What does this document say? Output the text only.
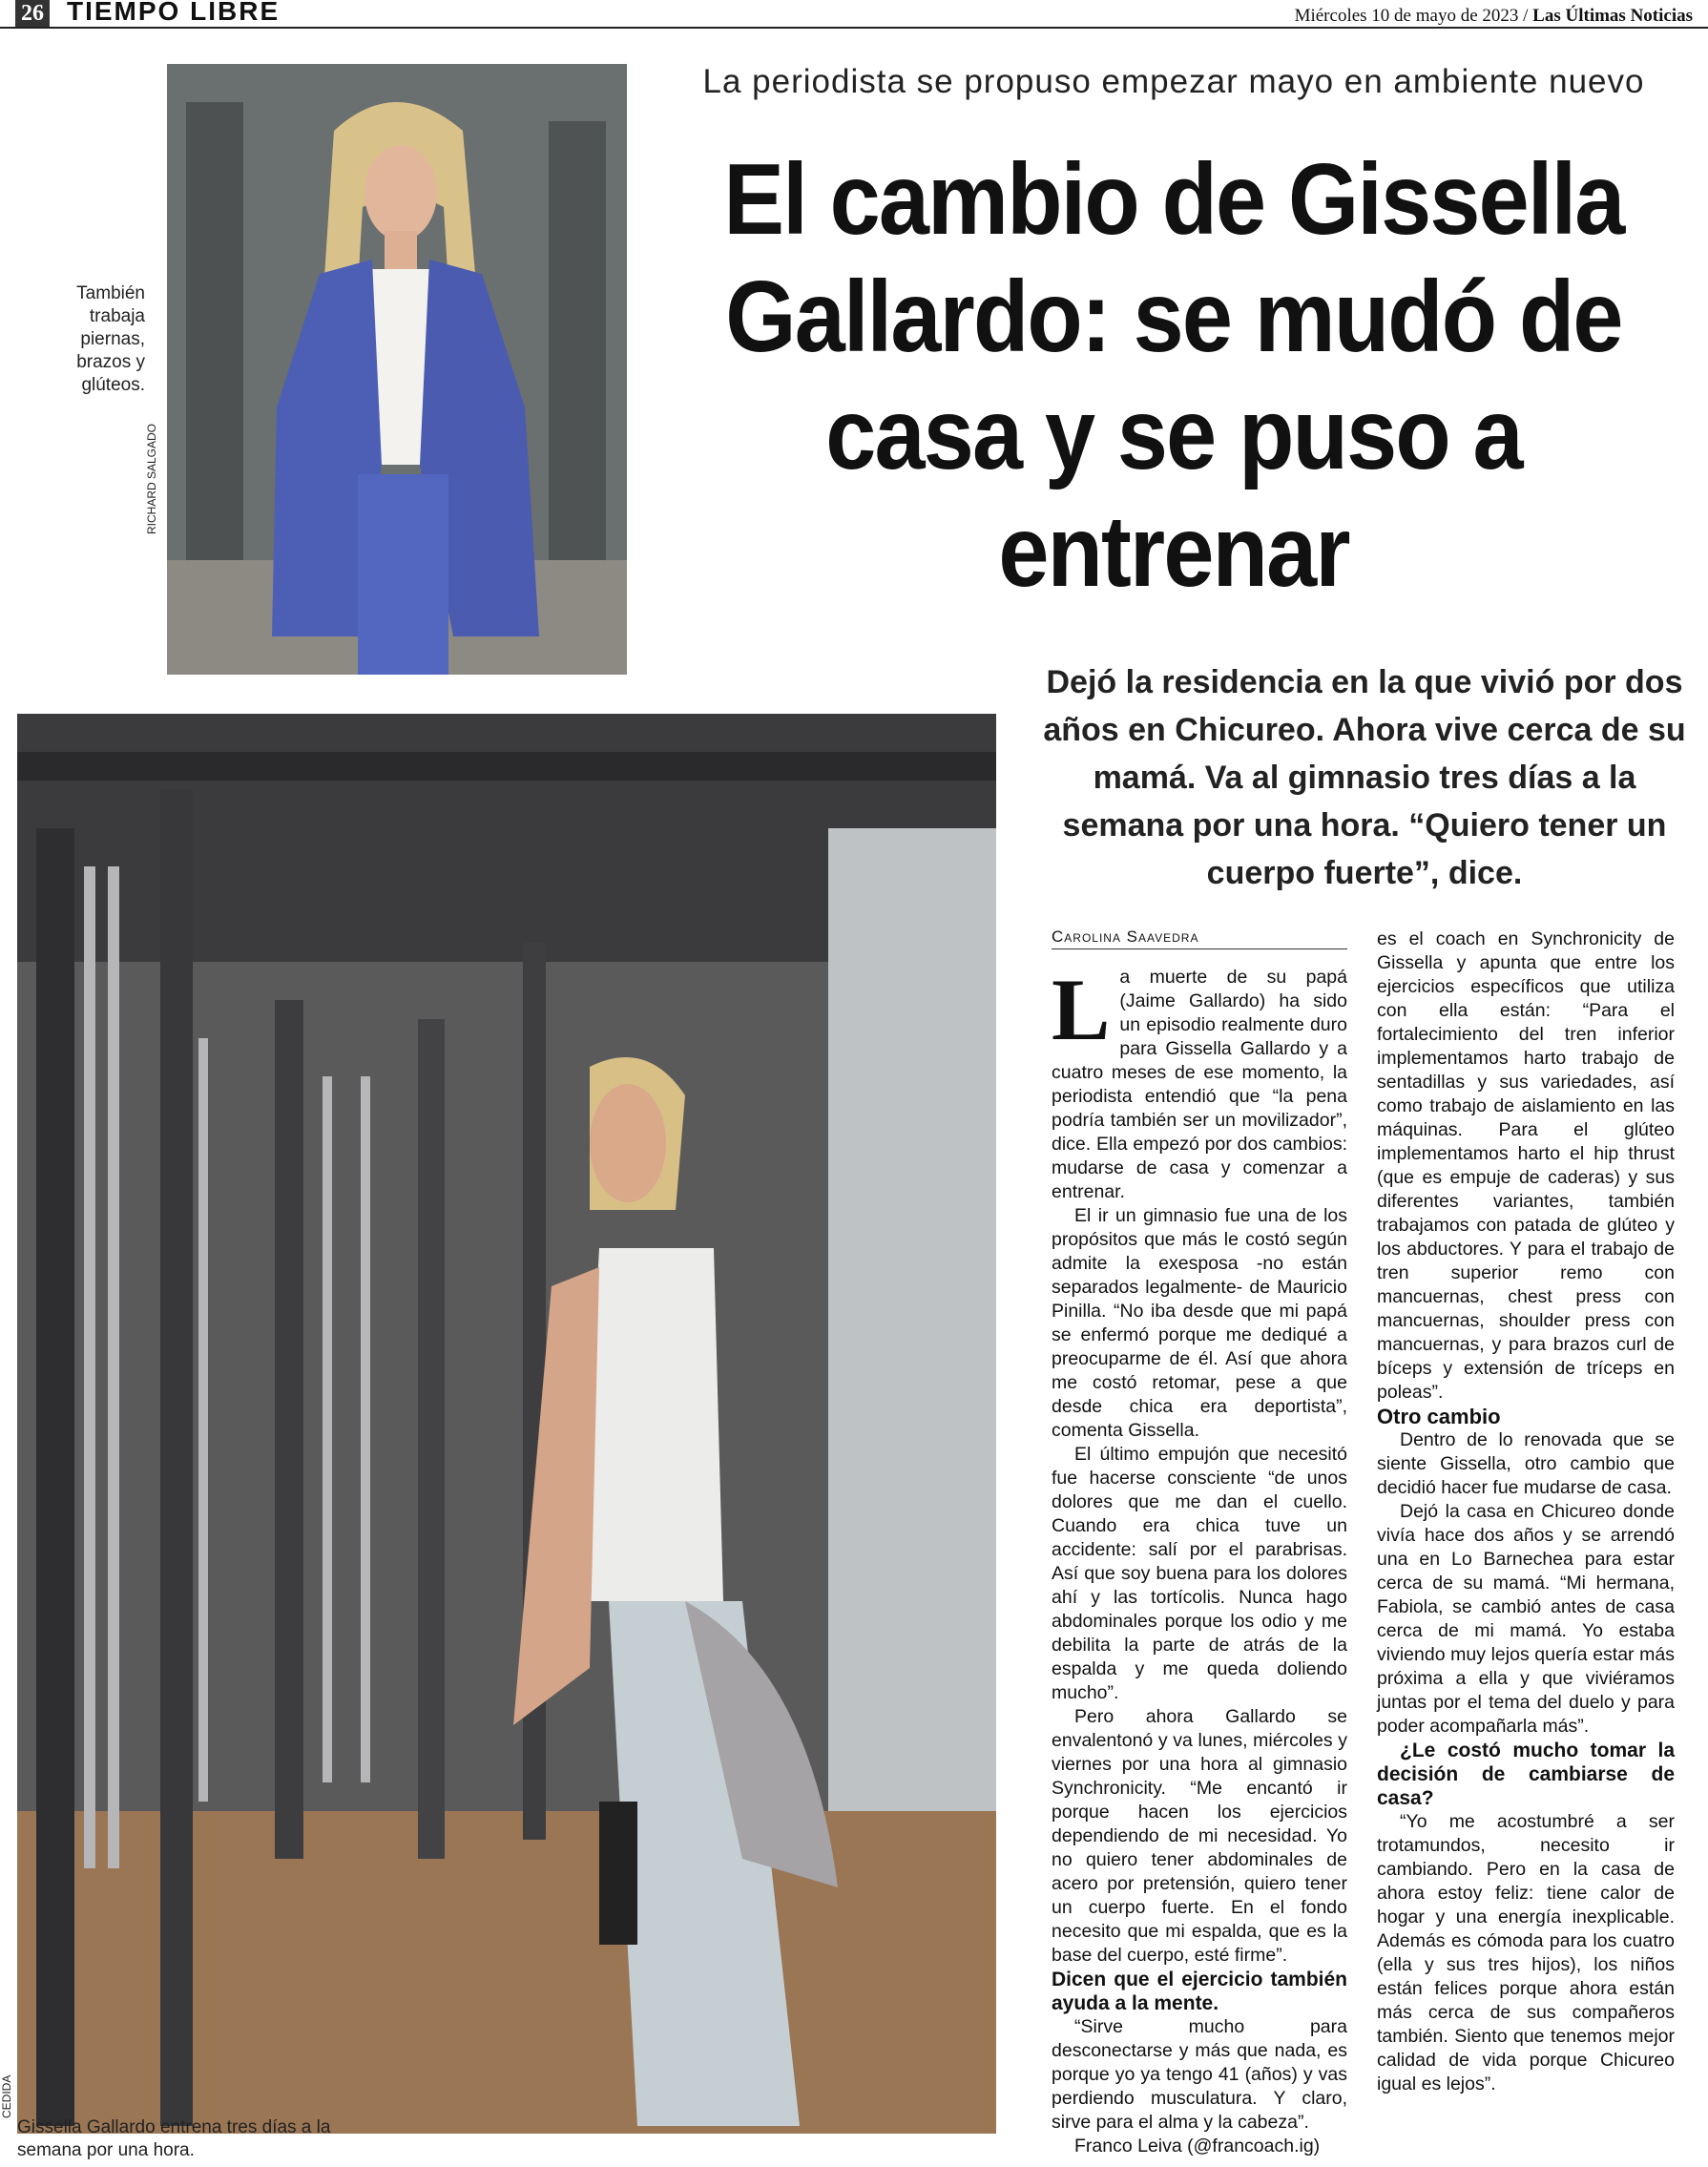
26 TIEMPO LIBRE	Miércoles 10 de mayo de 2023 / Las Últimas Noticias
RICHARD SALGADO
También trabaja piernas, brazos y glúteos.
La periodista se propuso empezar mayo en ambiente nuevo
El cambio de Gissella Gallardo: se mudó de casa y se puso a entrenar
Dejó la residencia en la que vivió por dos años en Chicureo. Ahora vive cerca de su mamá. Va al gimnasio tres días a la semana por una hora. “Quiero tener un cuerpo fuerte”, dice.
CEDIDA
Gissella Gallardo entrena tres días a la semana por una hora.
Carolina Saavedra

La muerte de su papá (Jaime Gallardo) ha sido un episodio realmente duro para Gissella Gallardo y a cuatro meses de ese momento, la periodista entendió que “la pena podría también ser un movilizador”, dice. Ella empezó por dos cambios: mudarse de casa y comenzar a entrenar.

El ir un gimnasio fue una de los propósitos que más le costó según admite la exesposa -no están separados legalmente- de Mauricio Pinilla. “No iba desde que mi papá se enfermó porque me dediqué a preocuparme de él. Así que ahora me costó retomar, pese a que desde chica era deportista”, comenta Gissella.

El último empujón que necesitó fue hacerse consciente “de unos dolores que me dan el cuello. Cuando era chica tuve un accidente: salí por el parabrisas. Así que soy buena para los dolores ahí y las tortícolis. Nunca hago abdominales porque los odio y me debilita la parte de atrás de la espalda y me queda doliendo mucho”.

Pero ahora Gallardo se envalentonó y va lunes, miércoles y viernes por una hora al gimnasio Synchronicity. “Me encantó ir porque hacen los ejercicios dependiendo de mi necesidad. Yo no quiero tener abdominales de acero por pretensión, quiero tener un cuerpo fuerte. En el fondo necesito que mi espalda, que es la base del cuerpo, esté firme”.

Dicen que el ejercicio también ayuda a la mente.

“Sirve mucho para desconectarse y más que nada, es porque yo ya tengo 41 (años) y vas perdiendo musculatura. Y claro, sirve para el alma y la cabeza”.

Franco Leiva (@francoach.ig)

es el coach en Synchronicity de Gissella y apunta que entre los ejercicios específicos que utiliza con ella están: “Para el fortalecimiento del tren inferior implementamos harto trabajo de sentadillas y sus variedades, así como trabajo de aislamiento en las máquinas. Para el glúteo implementamos harto el hip thrust (que es empuje de caderas) y sus diferentes variantes, también trabajamos con patada de glúteo y los abductores. Y para el trabajo de tren superior remo con mancuernas, chest press con mancuernas, shoulder press con mancuernas, y para brazos curl de bíceps y extensión de tríceps en poleas”.

Otro cambio

Dentro de lo renovada que se siente Gissella, otro cambio que decidió hacer fue mudarse de casa.

Dejó la casa en Chicureo donde vivía hace dos años y se arrendó una en Lo Barnechea para estar cerca de su mamá. “Mi hermana, Fabiola, se cambió antes de casa cerca de mi mamá. Yo estaba viviendo muy lejos quería estar más próxima a ella y que viviéramos juntas por el tema del duelo y para poder acompañarla más”.

¿Le costó mucho tomar la decisión de cambiarse de casa?

“Yo me acostumbré a ser trotamundos, necesito ir cambiando. Pero en la casa de ahora estoy feliz: tiene calor de hogar y una energía inexplicable. Además es cómoda para los cuatro (ella y sus tres hijos), los niños están felices porque ahora están más cerca de sus compañeros también. Siento que tenemos mejor calidad de vida porque Chicureo igual es lejos”.
